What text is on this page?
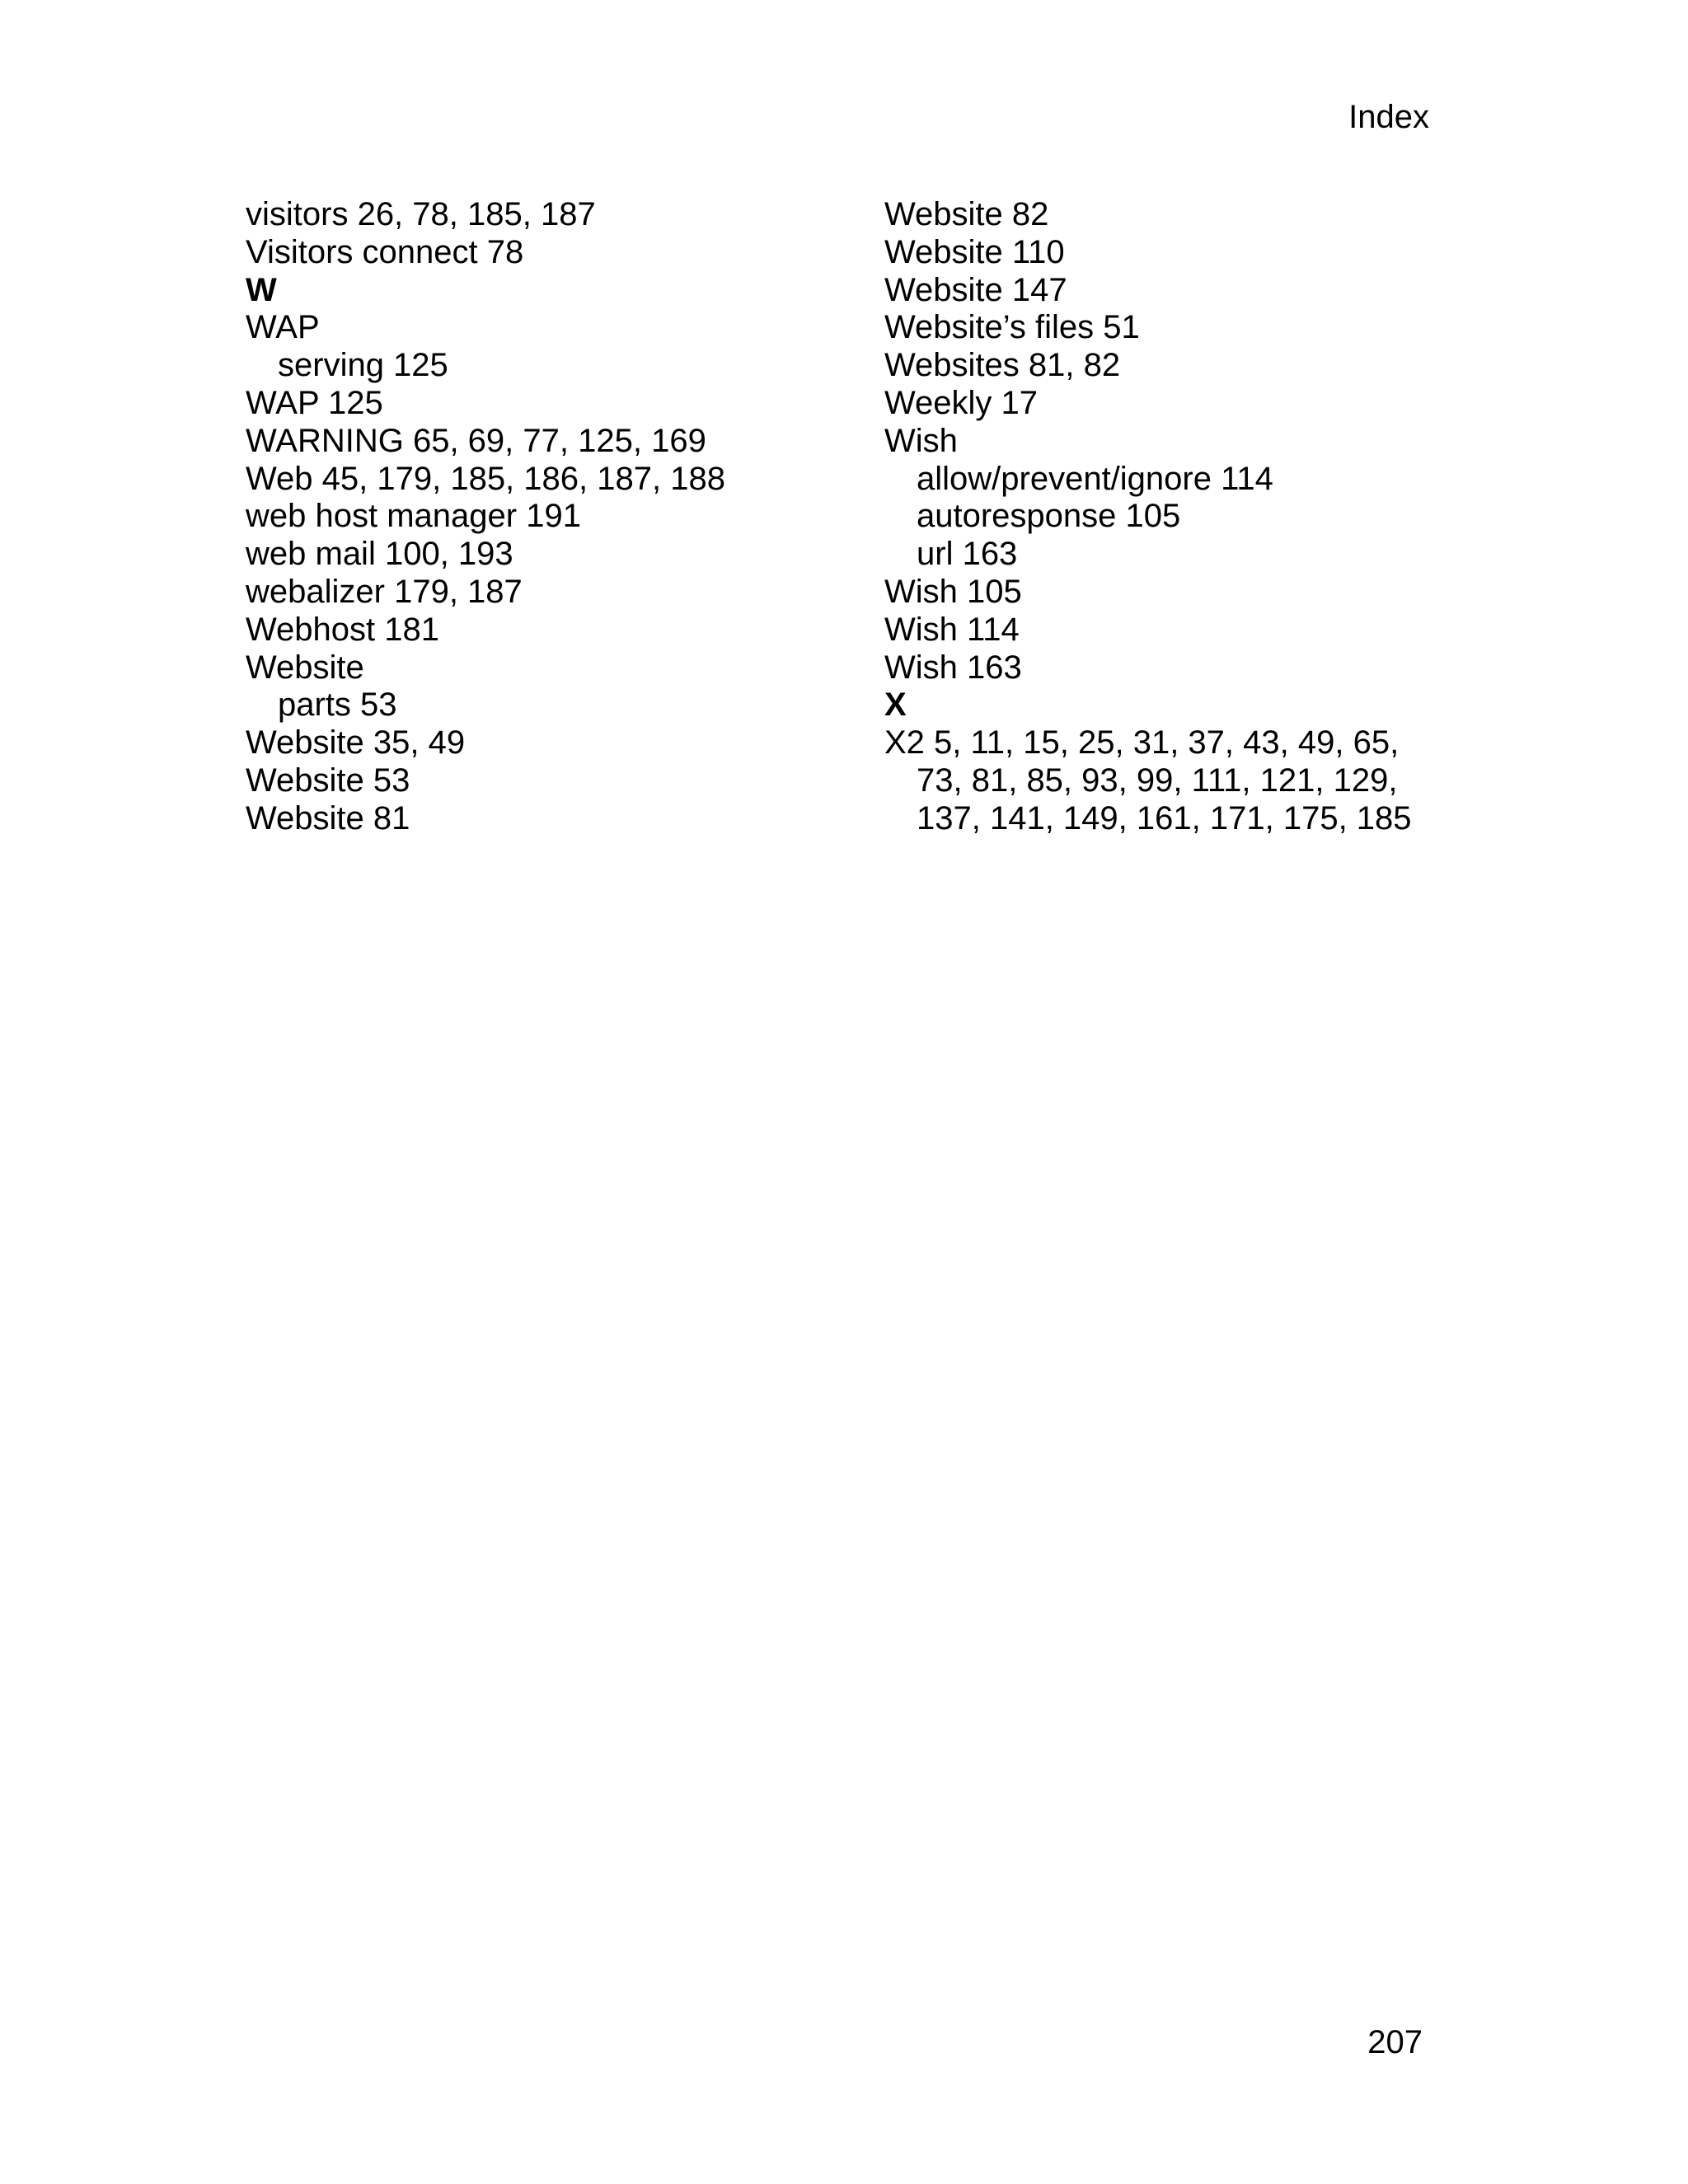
Index
visitors 26, 78, 185, 187
Visitors connect 78
W
WAP
serving 125
WAP 125
WARNING 65, 69, 77, 125, 169
Web 45, 179, 185, 186, 187, 188
web host manager 191
web mail 100, 193
webalizer 179, 187
Webhost 181
Website
parts 53
Website 35, 49
Website 53
Website 81
Website 82
Website 110
Website 147
Website’s files 51
Websites 81, 82
Weekly 17
Wish
allow/prevent/ignore 114
autoresponse 105
url 163
Wish 105
Wish 114
Wish 163
X
X2 5, 11, 15, 25, 31, 37, 43, 49, 65,
73, 81, 85, 93, 99, 111, 121, 129,
137, 141, 149, 161, 171, 175, 185
207
